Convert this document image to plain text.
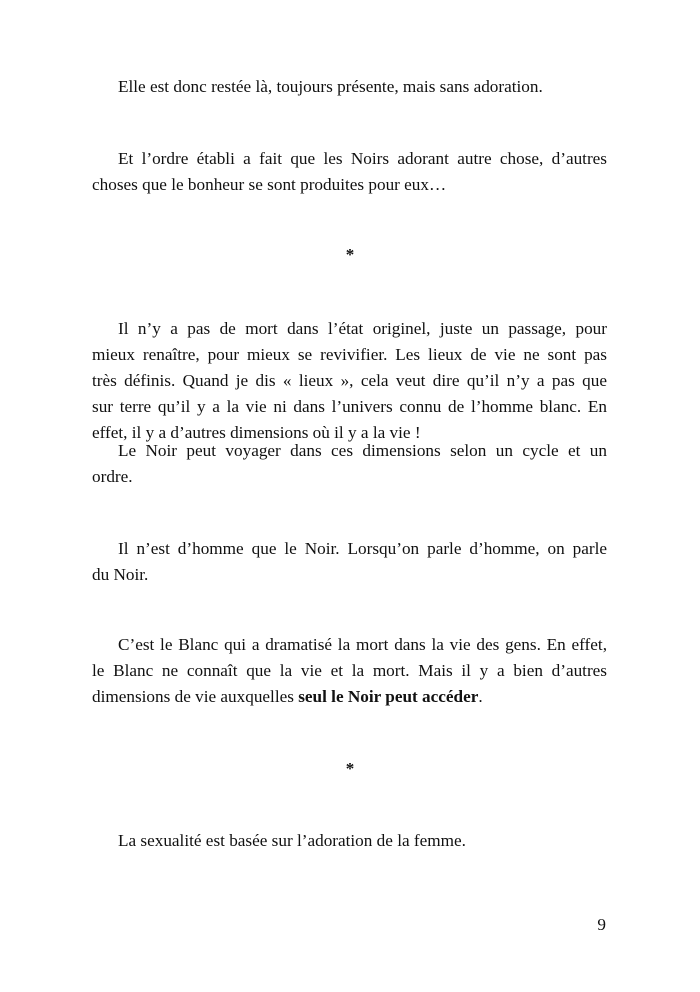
Elle est donc restée là, toujours présente, mais sans adoration.

Et l’ordre établi a fait que les Noirs adorant autre chose, d’autres
choses que le bonheur se sont produites pour eux…

*

Il n’y a pas de mort dans l’état originel, juste un passage, pour
mieux renaître, pour mieux se revivifier. Les lieux de vie ne sont pas
très définis. Quand je dis « lieux », cela veut dire qu’il n’y a pas que
sur terre qu’il y a la vie ni dans l’univers connu de l’homme blanc. En
effet, il y a d’autres dimensions où il y a la vie !

Le Noir peut voyager dans ces dimensions selon un cycle et un
ordre.

Il n’est d’homme que le Noir. Lorsqu’on parle d’homme, on parle
du Noir.

C’est le Blanc qui a dramatisé la mort dans la vie des gens. En effet,
le Blanc ne connaît que la vie et la mort. Mais il y a bien d’autres
dimensions de vie auxquelles seul le Noir peut accéder.

*

La sexualité est basée sur l’adoration de la femme.

9
